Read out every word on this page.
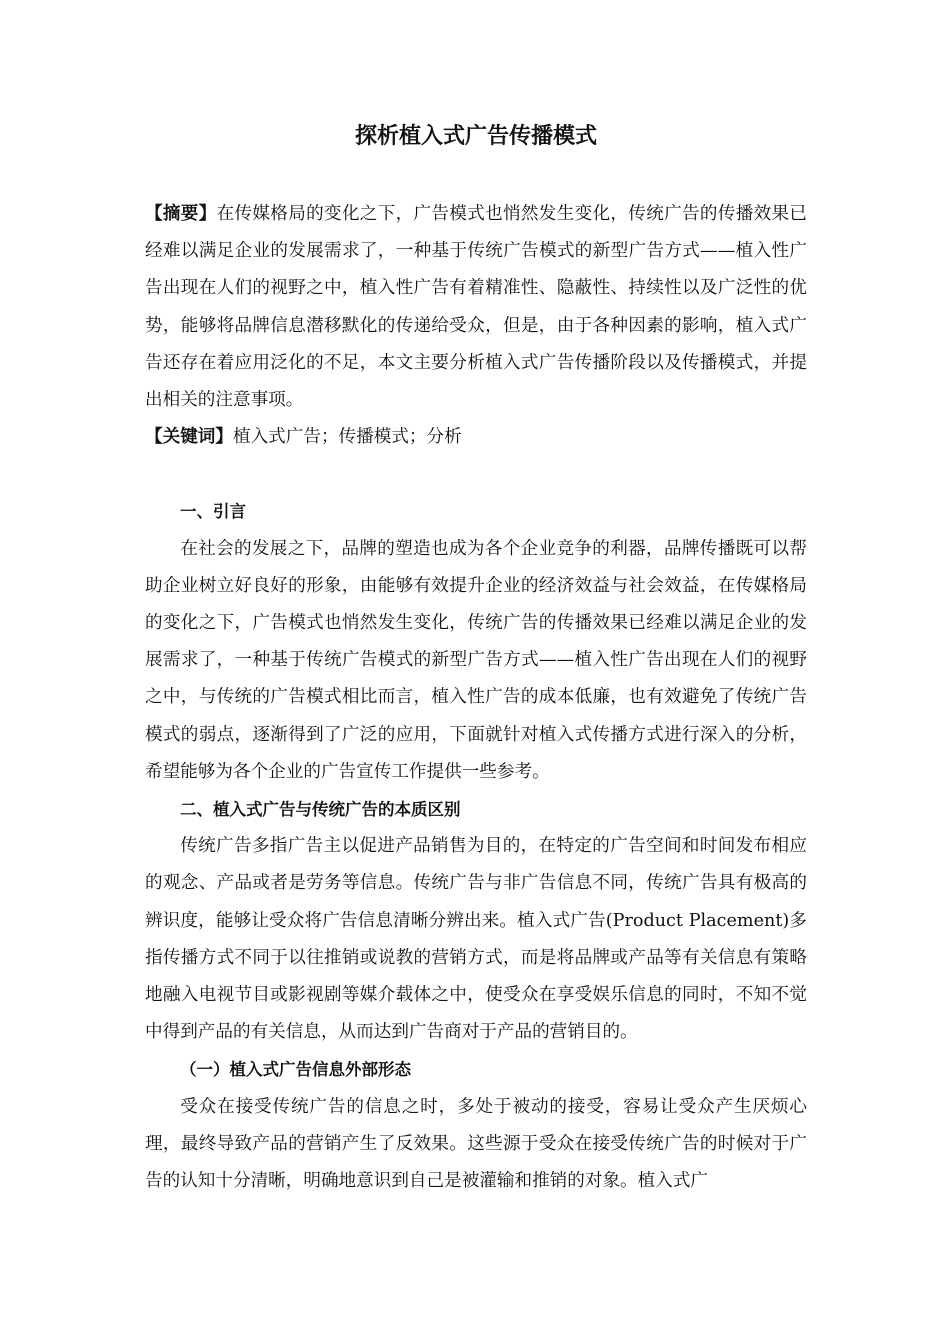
探析植入式广告传播模式

【摘要】在传媒格局的变化之下，广告模式也悄然发生变化，传统广告的传播效果已经难以满足企业的发展需求了，一种基于传统广告模式的新型广告方式——植入性广告出现在人们的视野之中，植入性广告有着精准性、隐蔽性、持续性以及广泛性的优势，能够将品牌信息潜移默化的传递给受众，但是，由于各种因素的影响，植入式广告还存在着应用泛化的不足，本文主要分析植入式广告传播阶段以及传播模式，并提出相关的注意事项。

【关键词】植入式广告；传播模式；分析

一、引言

在社会的发展之下，品牌的塑造也成为各个企业竞争的利器，品牌传播既可以帮助企业树立好良好的形象，由能够有效提升企业的经济效益与社会效益，在传媒格局的变化之下，广告模式也悄然发生变化，传统广告的传播效果已经难以满足企业的发展需求了，一种基于传统广告模式的新型广告方式——植入性广告出现在人们的视野之中，与传统的广告模式相比而言，植入性广告的成本低廉，也有效避免了传统广告模式的弱点，逐渐得到了广泛的应用，下面就针对植入式传播方式进行深入的分析，希望能够为各个企业的广告宣传工作提供一些参考。

二、植入式广告与传统广告的本质区别

传统广告多指广告主以促进产品销售为目的，在特定的广告空间和时间发布相应的观念、产品或者是劳务等信息。传统广告与非广告信息不同，传统广告具有极高的辨识度，能够让受众将广告信息清晰分辨出来。植入式广告(Product Placement)多指传播方式不同于以往推销或说教的营销方式，而是将品牌或产品等有关信息有策略地融入电视节目或影视剧等媒介载体之中，使受众在享受娱乐信息的同时，不知不觉中得到产品的有关信息，从而达到广告商对于产品的营销目的。

（一）植入式广告信息外部形态

受众在接受传统广告的信息之时，多处于被动的接受，容易让受众产生厌烦心理，最终导致产品的营销产生了反效果。这些源于受众在接受传统广告的时候对于广告的认知十分清晰，明确地意识到自己是被灌输和推销的对象。植入式广
